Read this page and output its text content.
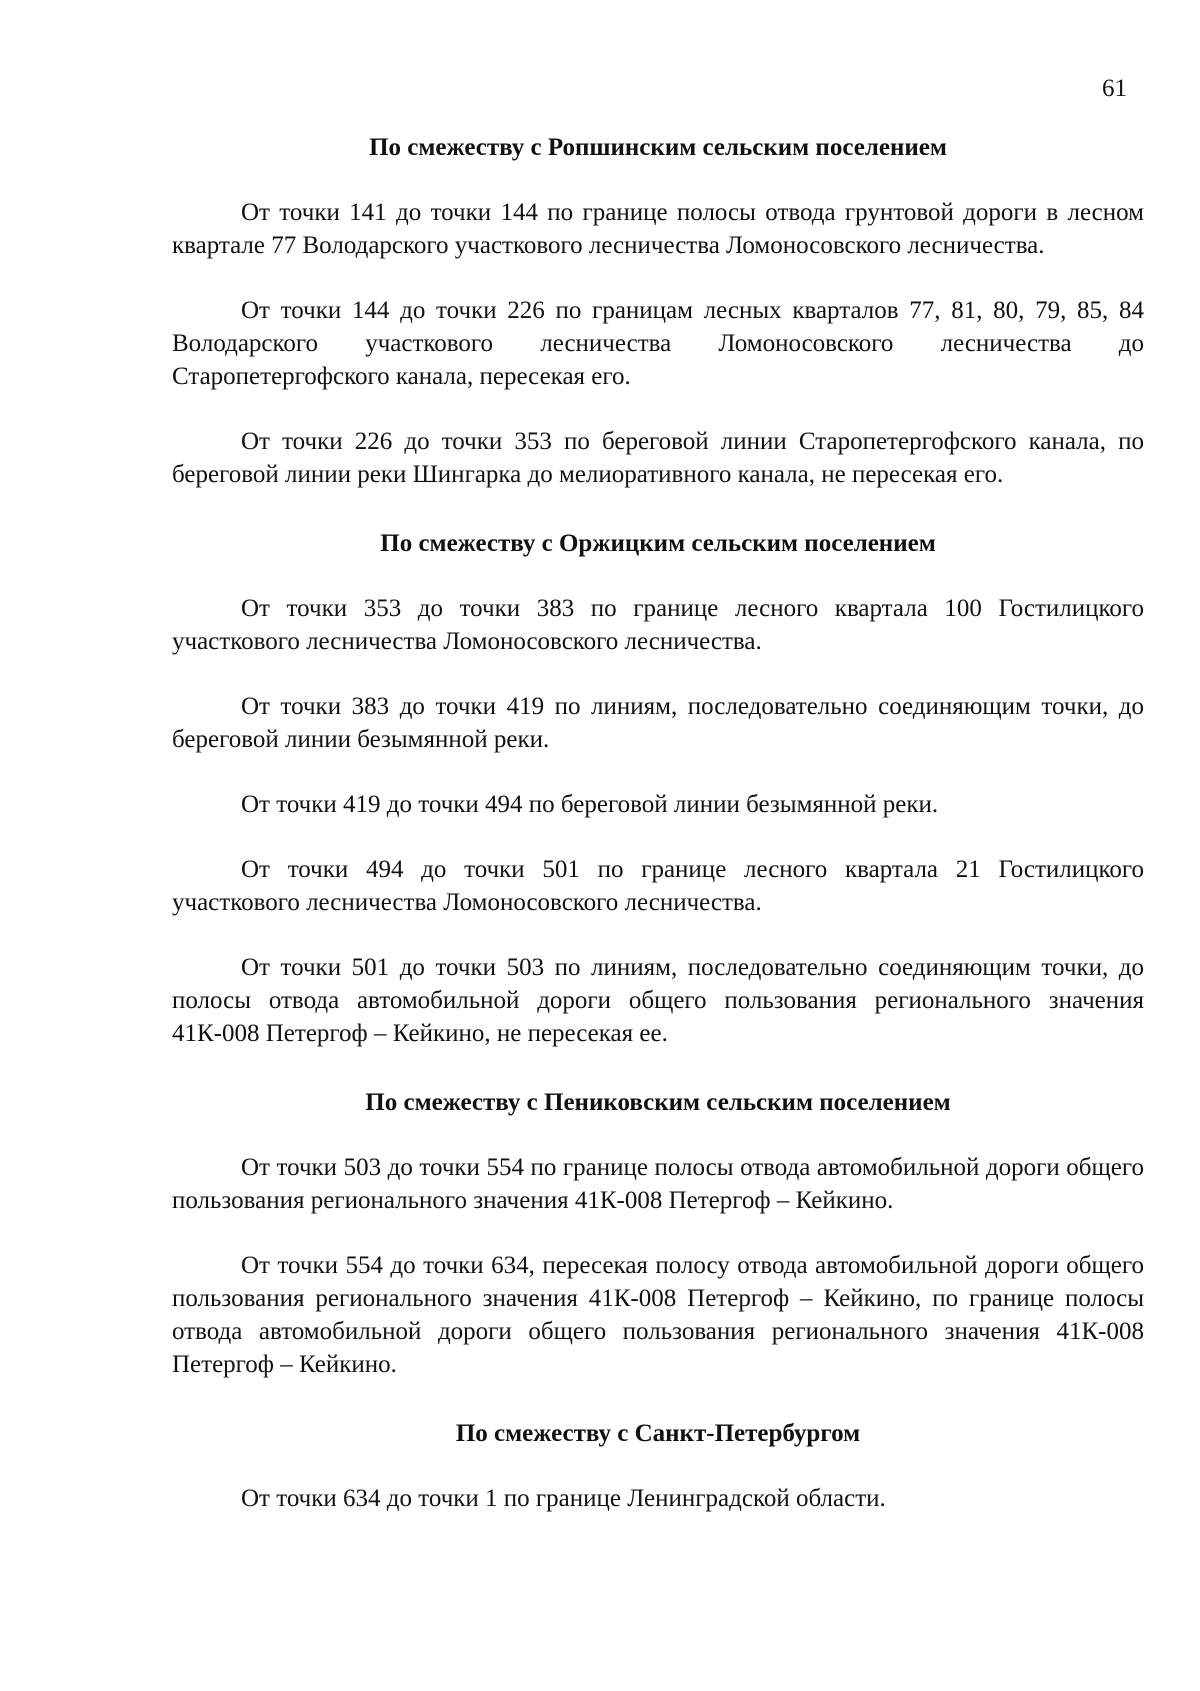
61
По смежеству с Ропшинским сельским поселением

От точки 141 до точки 144 по границе полосы отвода грунтовой дороги в лесном квартале 77 Володарского участкового лесничества Ломоносовского лесничества.

От точки 144 до точки 226 по границам лесных кварталов 77, 81, 80, 79, 85, 84 Володарского участкового лесничества Ломоносовского лесничества до Старопетергофского канала, пересекая его.

От точки 226 до точки 353 по береговой линии Старопетергофского канала, по береговой линии реки Шингарка до мелиоративного канала, не пересекая его.

По смежеству с Оржицким сельским поселением

От точки 353 до точки 383 по границе лесного квартала 100 Гостилицкого участкового лесничества Ломоносовского лесничества.

От точки 383 до точки 419 по линиям, последовательно соединяющим точки, до береговой линии безымянной реки.

От точки 419 до точки 494 по береговой линии безымянной реки.

От точки 494 до точки 501 по границе лесного квартала 21 Гостилицкого участкового лесничества Ломоносовского лесничества.

От точки 501 до точки 503 по линиям, последовательно соединяющим точки, до полосы отвода автомобильной дороги общего пользования регионального значения 41К-008 Петергоф – Кейкино, не пересекая ее.

По смежеству с Пениковским сельским поселением

От точки 503 до точки 554 по границе полосы отвода автомобильной дороги общего пользования регионального значения 41К-008 Петергоф – Кейкино.

От точки 554 до точки 634, пересекая полосу отвода автомобильной дороги общего пользования регионального значения 41К-008 Петергоф – Кейкино, по границе полосы отвода автомобильной дороги общего пользования регионального значения 41К-008 Петергоф – Кейкино.

По смежеству с Санкт-Петербургом

От точки 634 до точки 1 по границе Ленинградской области.
